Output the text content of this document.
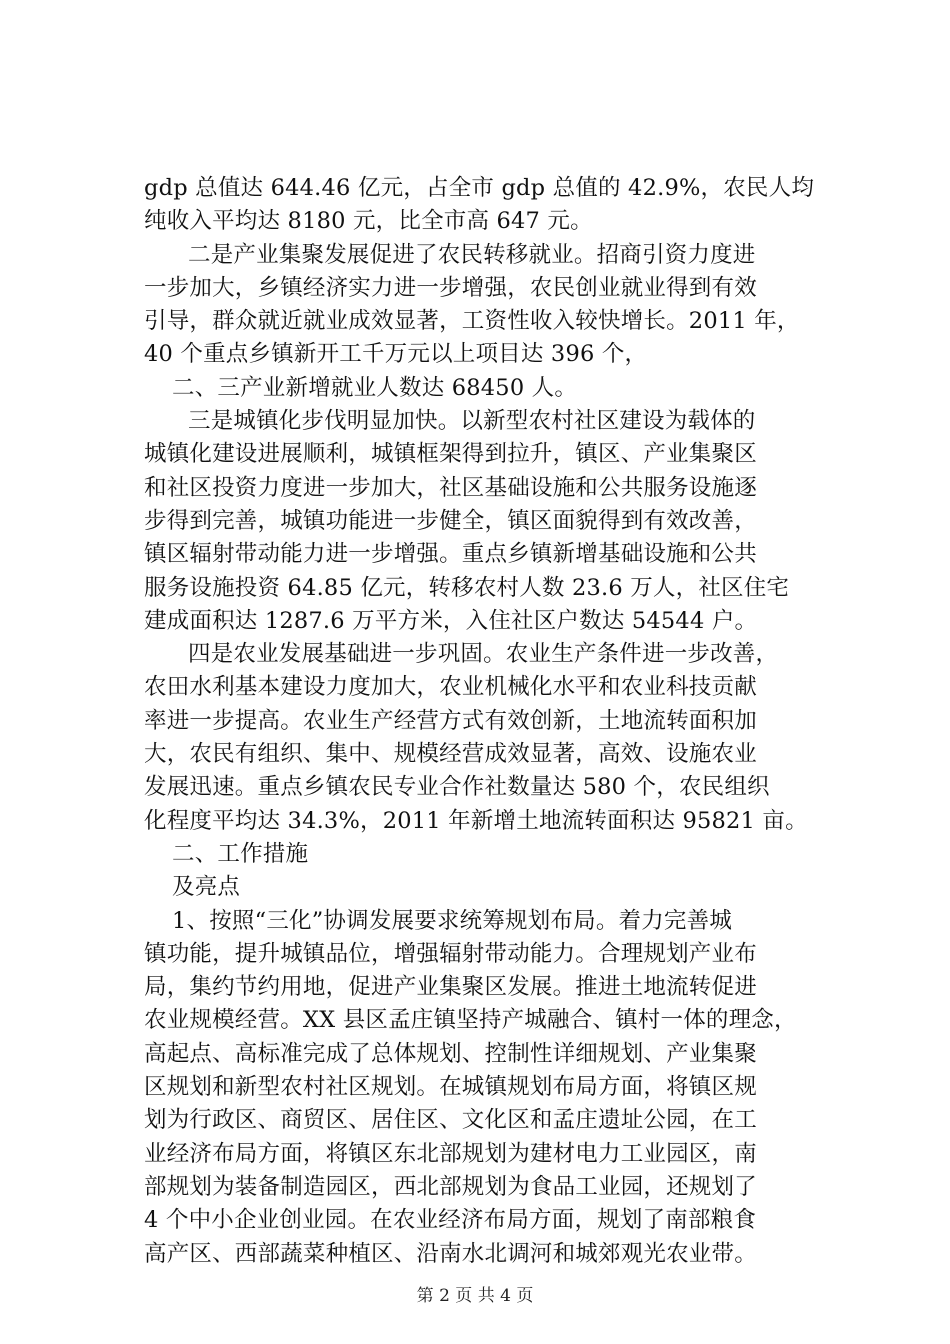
gdp 总值达 644.46 亿元，占全市 gdp 总值的 42.9%，农民人均
纯收入平均达 8180 元，比全市高 647 元。
二是产业集聚发展促进了农民转移就业。招商引资力度进
一步加大，乡镇经济实力进一步增强，农民创业就业得到有效
引导，群众就近就业成效显著，工资性收入较快增长。2011 年，
40 个重点乡镇新开工千万元以上项目达 396 个，
二、三产业新增就业人数达 68450 人。
三是城镇化步伐明显加快。以新型农村社区建设为载体的
城镇化建设进展顺利，城镇框架得到拉升，镇区、产业集聚区
和社区投资力度进一步加大，社区基础设施和公共服务设施逐
步得到完善，城镇功能进一步健全，镇区面貌得到有效改善，
镇区辐射带动能力进一步增强。重点乡镇新增基础设施和公共
服务设施投资 64.85 亿元，转移农村人数 23.6 万人，社区住宅
建成面积达 1287.6 万平方米，入住社区户数达 54544 户。
四是农业发展基础进一步巩固。农业生产条件进一步改善，
农田水利基本建设力度加大，农业机械化水平和农业科技贡献
率进一步提高。农业生产经营方式有效创新，土地流转面积加
大，农民有组织、集中、规模经营成效显著，高效、设施农业
发展迅速。重点乡镇农民专业合作社数量达 580 个，农民组织
化程度平均达 34.3%，2011 年新增土地流转面积达 95821 亩。
二、工作措施
及亮点
1、按照“三化”协调发展要求统筹规划布局。着力完善城
镇功能，提升城镇品位，增强辐射带动能力。合理规划产业布
局，集约节约用地，促进产业集聚区发展。推进土地流转促进
农业规模经营。XX 县区孟庄镇坚持产城融合、镇村一体的理念，
高起点、高标准完成了总体规划、控制性详细规划、产业集聚
区规划和新型农村社区规划。在城镇规划布局方面，将镇区规
划为行政区、商贸区、居住区、文化区和孟庄遗址公园，在工
业经济布局方面，将镇区东北部规划为建材电力工业园区，南
部规划为装备制造园区，西北部规划为食品工业园，还规划了
4 个中小企业创业园。在农业经济布局方面，规划了南部粮食
高产区、西部蔬菜种植区、沿南水北调河和城郊观光农业带。
第 2 页 共 4 页
